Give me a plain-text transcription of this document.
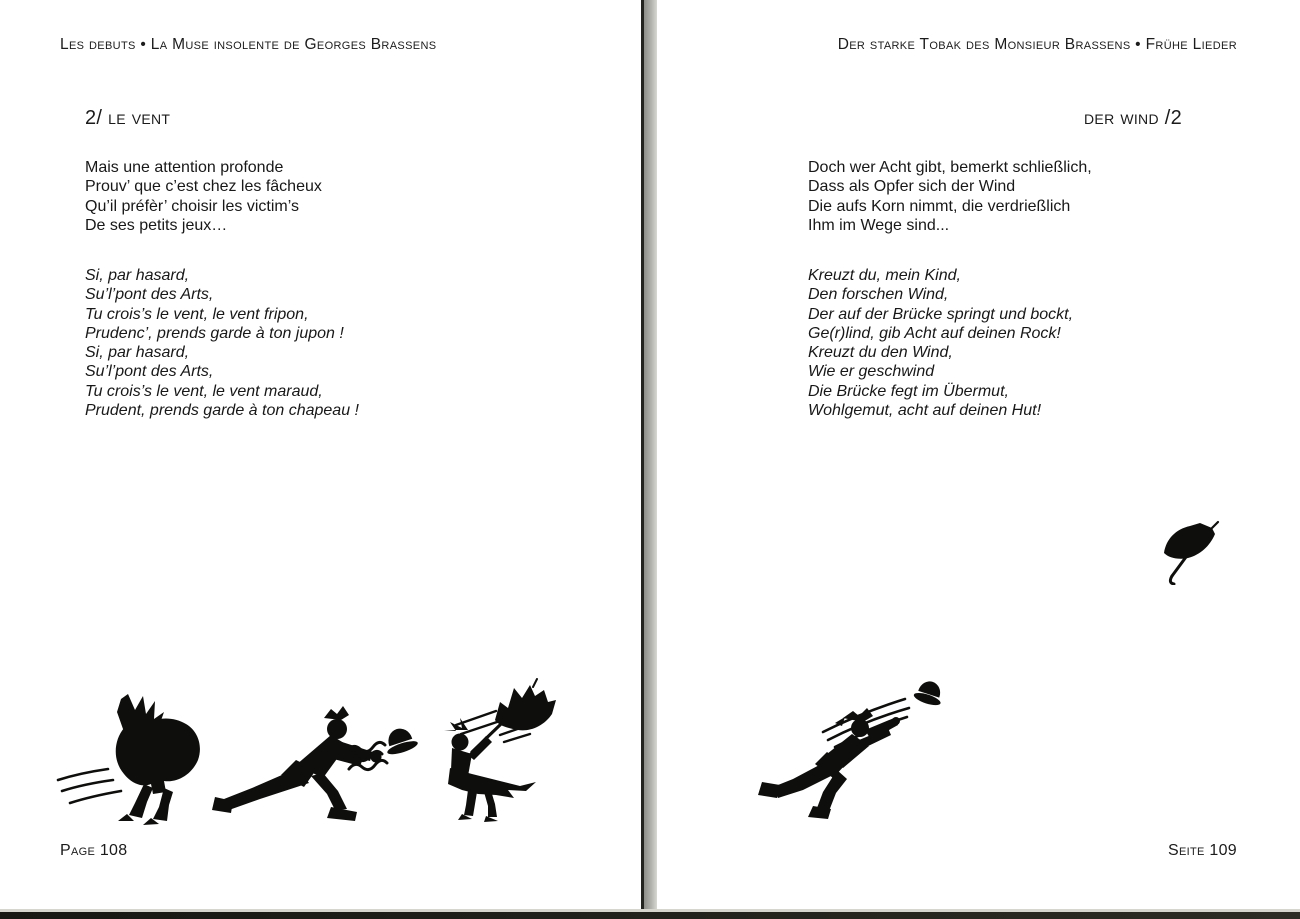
Les debuts • La Muse insolente de Georges Brassens
2/ le vent
Mais une attention profonde
Prouv’ que c’est chez les fâcheux
Qu’il préfèr’ choisir les victim’s
De ses petits jeux…
Si, par hasard,
Su’l’pont des Arts,
Tu crois’s le vent, le vent fripon,
Prudenc’, prends garde à ton jupon !
Si, par hasard,
Su’l’pont des Arts,
Tu crois’s le vent, le vent maraud,
Prudent, prends garde à ton chapeau !
Page 108
Der starke Tobak des Monsieur Brassens • Frühe Lieder
der wind /2
Doch wer Acht gibt, bemerkt schließlich,
Dass als Opfer sich der Wind
Die aufs Korn nimmt, die verdrießlich
Ihm im Wege sind...
Kreuzt du, mein Kind,
Den forschen Wind,
Der auf der Brücke springt und bockt,
Ge(r)lind, gib Acht auf deinen Rock!
Kreuzt du den Wind,
Wie er geschwind
Die Brücke fegt im Übermut,
Wohlgemut, acht auf deinen Hut!
Seite 109
